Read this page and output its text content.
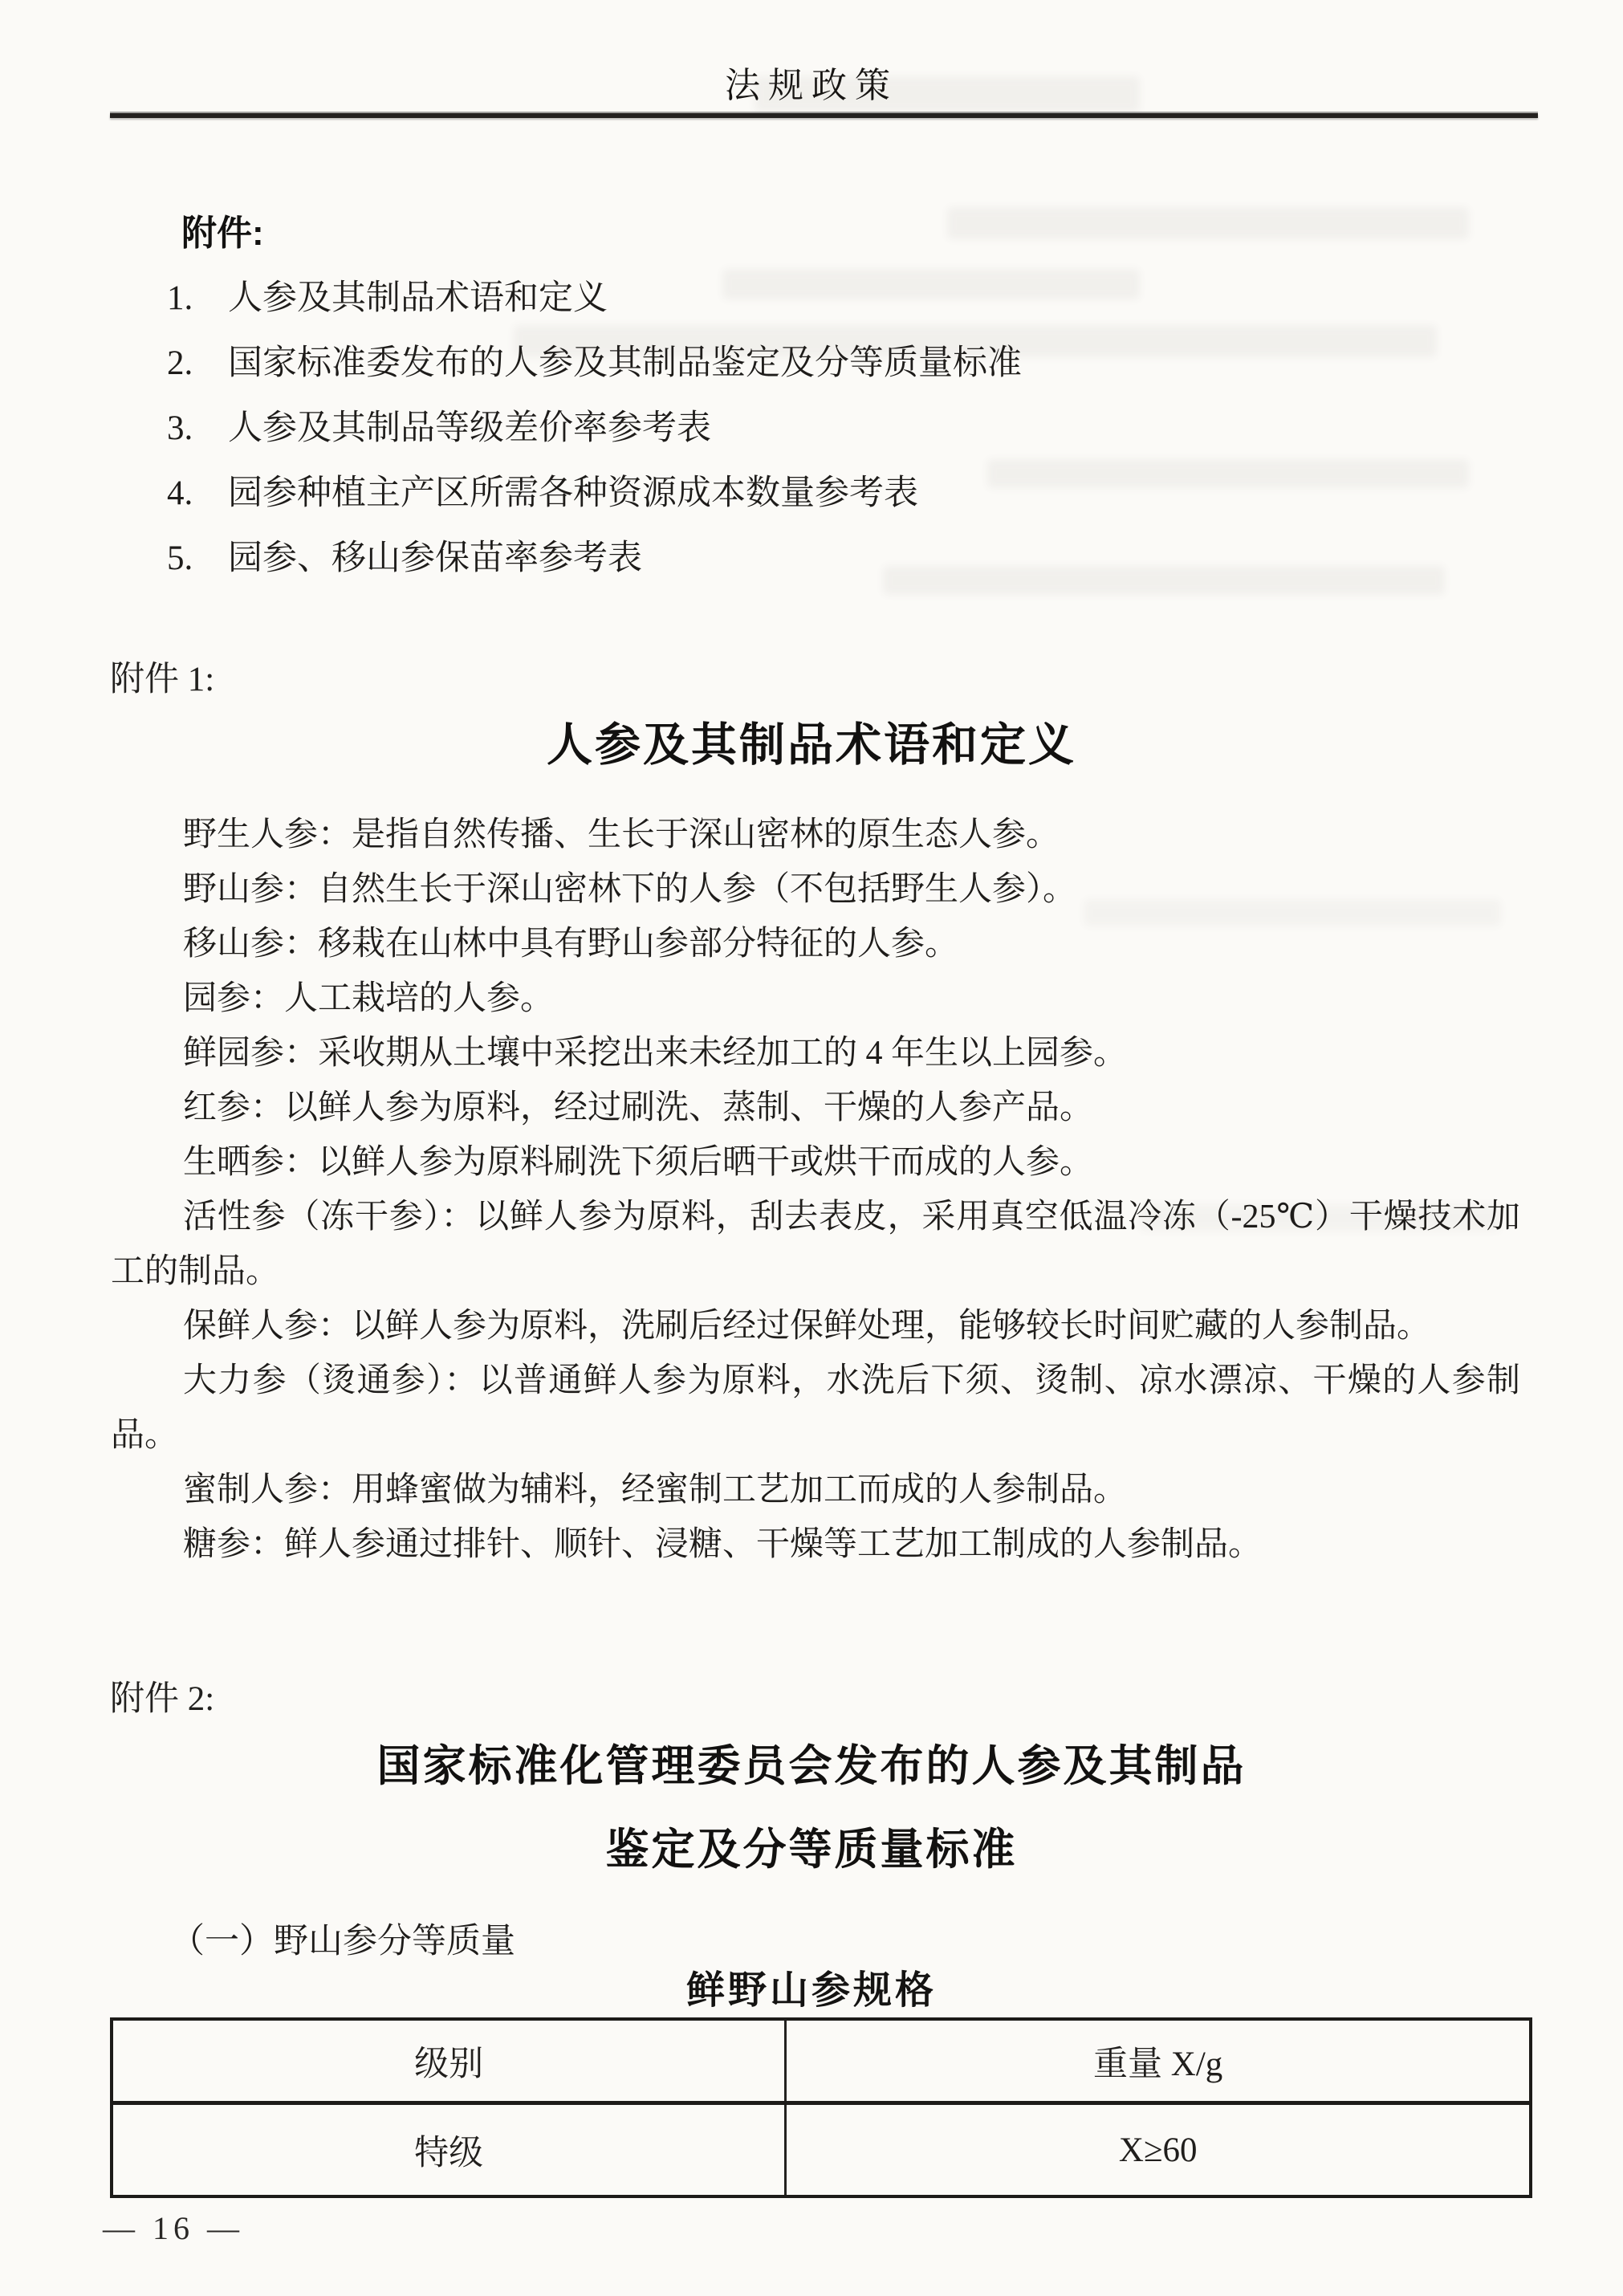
法规政策

附件:

1. 人参及其制品术语和定义

2. 国家标准委发布的人参及其制品鉴定及分等质量标准

3. 人参及其制品等级差价率参考表

4. 园参种植主产区所需各种资源成本数量参考表

5. 园参、移山参保苗率参考表

附件 1:
人参及其制品术语和定义

野生人参：是指自然传播、生长于深山密林的原生态人参。

野山参：自然生长于深山密林下的人参（不包括野生人参）。

移山参：移栽在山林中具有野山参部分特征的人参。

园参：人工栽培的人参。

鲜园参：采收期从土壤中采挖出来未经加工的 4 年生以上园参。

红参：以鲜人参为原料，经过刷洗、蒸制、干燥的人参产品。

生晒参：以鲜人参为原料刷洗下须后晒干或烘干而成的人参。

活性参（冻干参）：以鲜人参为原料，刮去表皮，采用真空低温冷冻（-25℃）干燥技术加工的制品。

保鲜人参：以鲜人参为原料，洗刷后经过保鲜处理，能够较长时间贮藏的人参制品。

大力参（烫通参）：以普通鲜人参为原料，水洗后下须、烫制、凉水漂凉、干燥的人参制品。

蜜制人参：用蜂蜜做为辅料，经蜜制工艺加工而成的人参制品。

糖参：鲜人参通过排针、顺针、浸糖、干燥等工艺加工制成的人参制品。

附件 2:
国家标准化管理委员会发布的人参及其制品
鉴定及分等质量标准
（一）野山参分等质量
鲜野山参规格
级别	重量 X/g
特级	X≥60
— 16 —
